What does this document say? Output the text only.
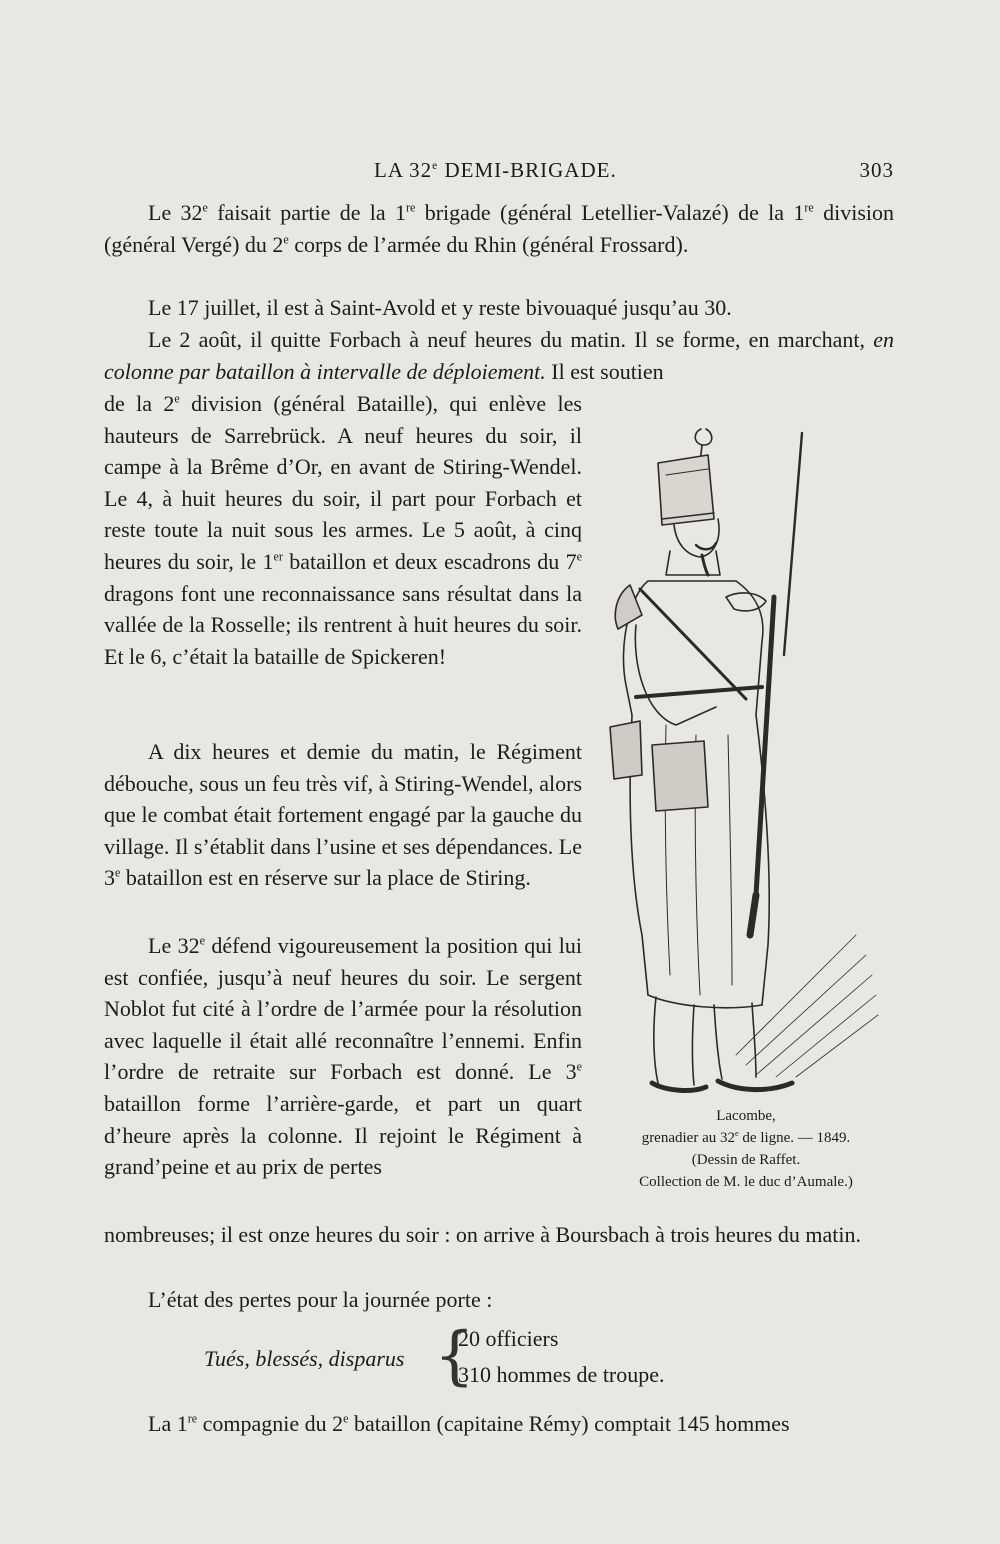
LA 32e DEMI-BRIGADE.	303

Le 32e faisait partie de la 1re brigade (général Letellier-Valazé) de la 1re division (général Vergé) du 2e corps de l’armée du Rhin (général Frossard).

Le 17 juillet, il est à Saint-Avold et y reste bivouaqué jusqu’au 30.

Le 2 août, il quitte Forbach à neuf heures du matin. Il se forme, en marchant, en colonne par bataillon à intervalle de déploiement. Il est soutien

de la 2e division (général Bataille), qui enlève les hauteurs de Sarrebrück. A neuf heures du soir, il campe à la Brême d’Or, en avant de Stiring-Wendel. Le 4, à huit heures du soir, il part pour Forbach et reste toute la nuit sous les armes. Le 5 août, à cinq heures du soir, le 1er bataillon et deux escadrons du 7e dragons font une reconnaissance sans résultat dans la vallée de la Rosselle; ils rentrent à huit heures du soir. Et le 6, c’était la bataille de Spickeren!

A dix heures et demie du matin, le Régiment débouche, sous un feu très vif, à Stiring-Wendel, alors que le combat était fortement engagé par la gauche du village. Il s’établit dans l’usine et ses dépendances. Le 3e bataillon est en réserve sur la place de Stiring.

Le 32e défend vigoureusement la position qui lui est confiée, jusqu’à neuf heures du soir. Le sergent Noblot fut cité à l’ordre de l’armée pour la résolution avec laquelle il était allé reconnaître l’ennemi. Enfin l’ordre de retraite sur Forbach est donné. Le 3e bataillon forme l’arrière-garde, et part un quart d’heure après la colonne. Il rejoint le Régiment à grand’peine et au prix de pertes

nombreuses; il est onze heures du soir : on arrive à Boursbach à trois heures du matin.

L’état des pertes pour la journée porte :

Tués, blessés, disparus {
20 officiers
310 hommes de troupe.

La 1re compagnie du 2e bataillon (capitaine Rémy) comptait 145 hommes

Lacombe,
grenadier au 32e de ligne. — 1849.
(Dessin de Raffet.
Collection de M. le duc d’Aumale.)
